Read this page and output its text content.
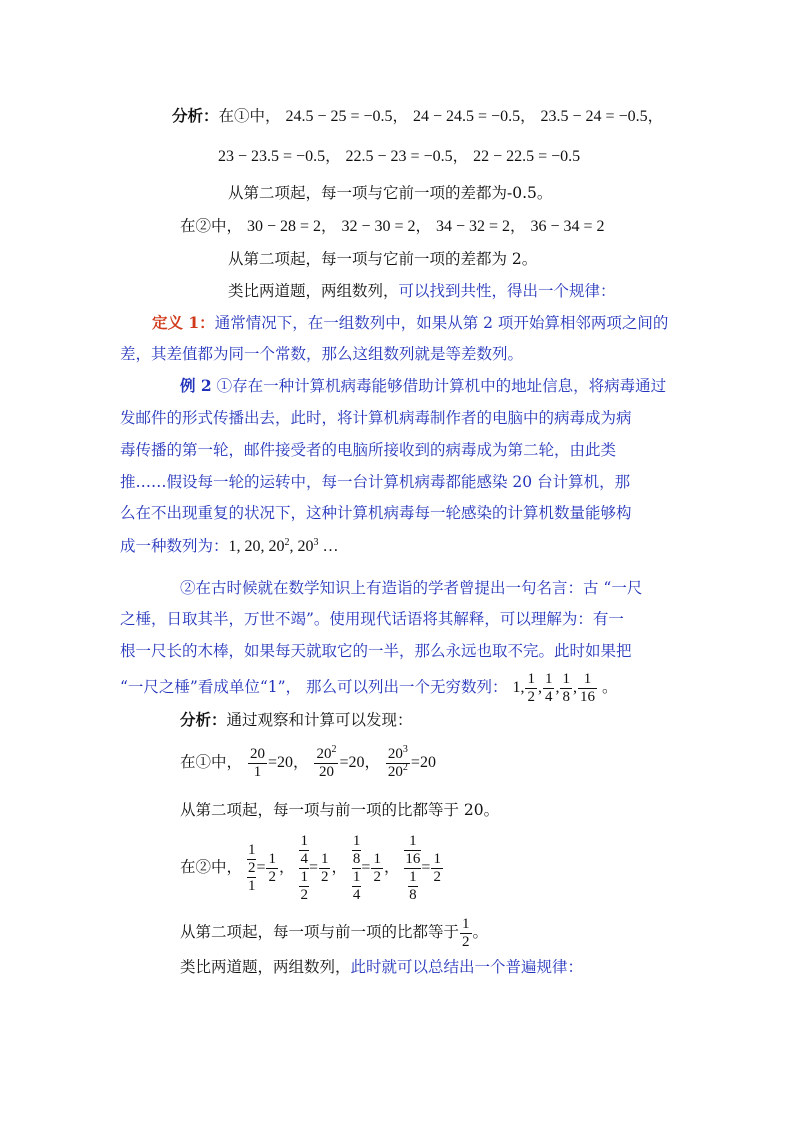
分析：在①中， 24.5 − 25 = −0.5， 24 − 24.5 = −0.5， 23.5 − 24 = −0.5，
23 − 23.5 = −0.5， 22.5 − 23 = −0.5， 22 − 22.5 = −0.5
从第二项起，每一项与它前一项的差都为-0.5。
在②中， 30 − 28 = 2， 32 − 30 = 2， 34 − 32 = 2， 36 − 34 = 2
从第二项起，每一项与它前一项的差都为 2。
类比两道题，两组数列，可以找到共性，得出一个规律：
定义 1：通常情况下，在一组数列中，如果从第 2 项开始算相邻两项之间的
差，其差值都为同一个常数，那么这组数列就是等差数列。
例 2 ①存在一种计算机病毒能够借助计算机中的地址信息，将病毒通过
发邮件的形式传播出去，此时，将计算机病毒制作者的电脑中的病毒成为病
毒传播的第一轮，邮件接受者的电脑所接收到的病毒成为第二轮，由此类
推……假设每一轮的运转中，每一台计算机病毒都能感染 20 台计算机，那
么在不出现重复的状况下，这种计算机病毒每一轮感染的计算机数量能够构
成一种数列为：1, 20, $20^2$, $20^3$ …
②在古时候就在数学知识上有造诣的学者曾提出一句名言：古 “一尺
之棰，日取其半，万世不竭”。使用现代话语将其解释，可以理解为：有一
根一尺长的木棒，如果每天就取它的一半，那么永远也取不完。此时如果把
“一尺之棰”看成单位“1”， 那么可以列出一个无穷数列： 1, $\frac{1}{2}$ , $\frac{1}{4}$ , $\frac{1}{8}$ , $\frac{1}{16}$ 。
分析：通过观察和计算可以发现：
在①中， $\frac{20}{1} =20$， $\frac{20^2}{20} =20$， $\frac{20^3}{20^2} =20$
从第二项起，每一项与前一项的比都等于 20。
在②中， $\frac{\frac{1}{2}}{1} = \frac{1}{2}$ ， $\frac{\frac{1}{4}}{\frac{1}{2}} = \frac{1}{2}$ ， $\frac{\frac{1}{8}}{\frac{1}{4}} = \frac{1}{2}$ ， $\frac{\frac{1}{16}}{\frac{1}{8}} = \frac{1}{2}$
从第二项起，每一项与前一项的比都等于 $\frac{1}{2}$ 。
类比两道题，两组数列，此时就可以总结出一个普遍规律：
